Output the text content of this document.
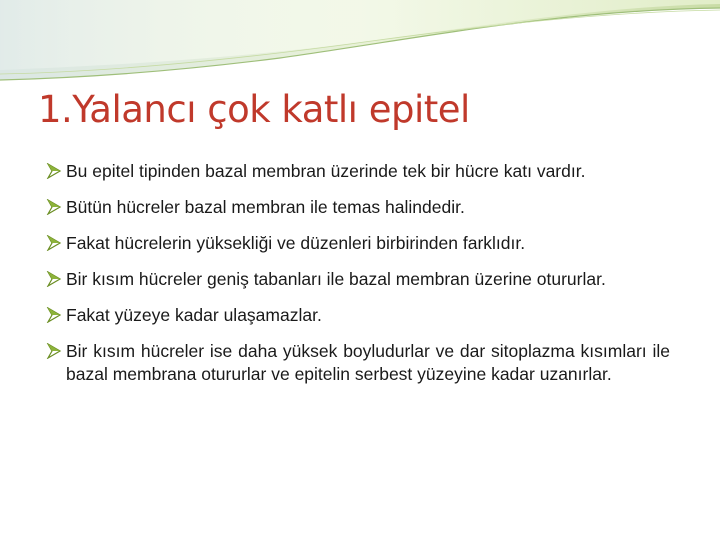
1.Yalancı çok katlı epitel
Bu epitel tipinden bazal membran üzerinde tek bir hücre katı vardır.
Bütün hücreler bazal membran ile temas halindedir.
Fakat hücrelerin yüksekliği ve düzenleri birbirinden farklıdır.
Bir kısım hücreler geniş tabanları ile bazal membran üzerine otururlar.
Fakat yüzeye kadar ulaşamazlar.
Bir kısım hücreler ise daha yüksek boyludurlar ve dar sitoplazma kısımları ile bazal membrana otururlar ve epitelin serbest yüzeyine kadar uzanırlar.
